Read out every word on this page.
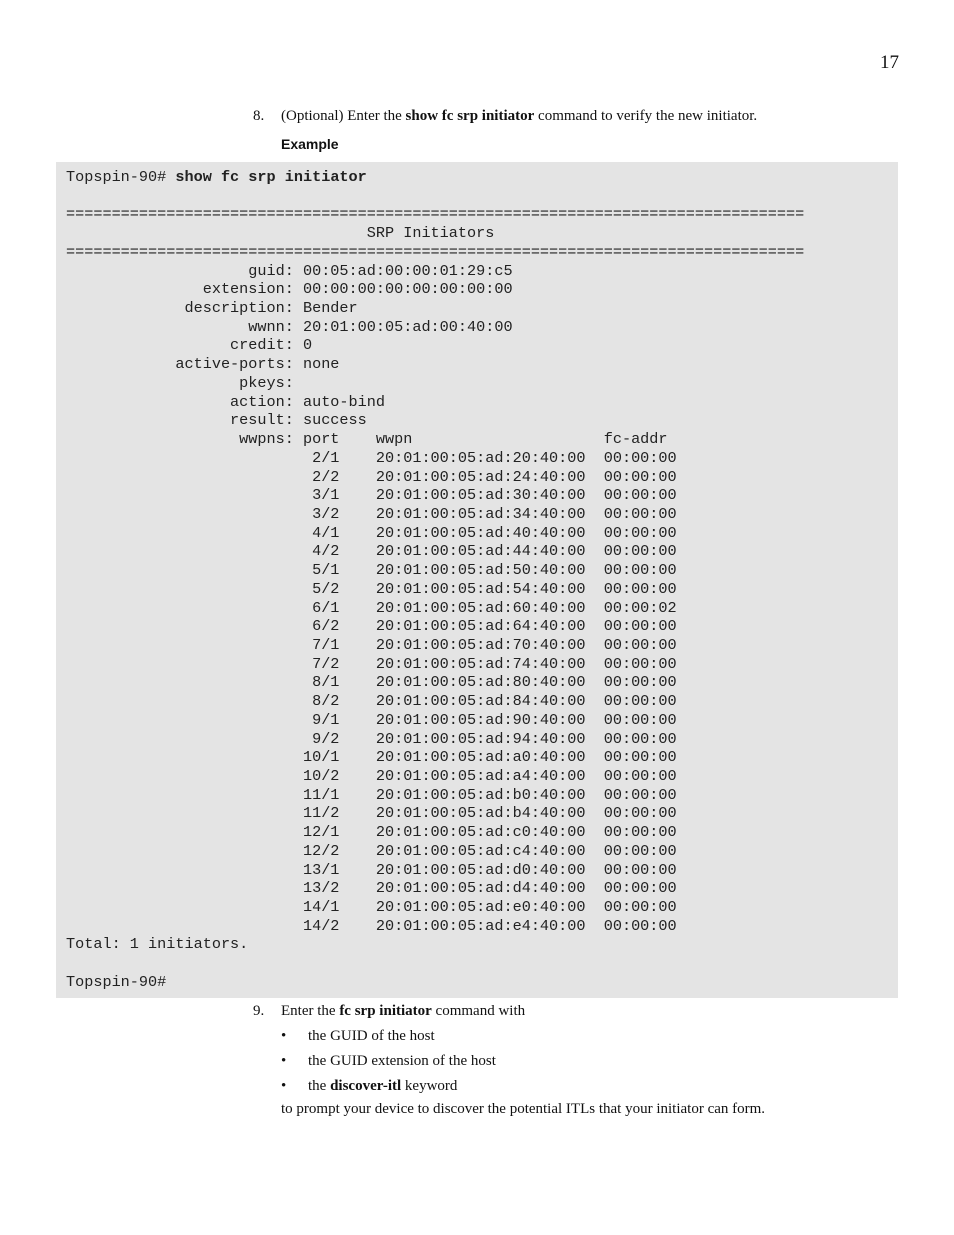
17
8. (Optional) Enter the show fc srp initiator command to verify the new initiator.
Example
Topspin-90# show fc srp initiator

=================================================================================
SRP Initiators
=================================================================================
guid: 00:05:ad:00:00:01:29:c5
extension: 00:00:00:00:00:00:00:00
description: Bender
wwnn: 20:01:00:05:ad:00:40:00
credit: 0
active-ports: none
pkeys:
action: auto-bind
result: success
wwpns: port    wwpn                     fc-addr
2/1    20:01:00:05:ad:20:40:00  00:00:00
2/2    20:01:00:05:ad:24:40:00  00:00:00
3/1    20:01:00:05:ad:30:40:00  00:00:00
3/2    20:01:00:05:ad:34:40:00  00:00:00
4/1    20:01:00:05:ad:40:40:00  00:00:00
4/2    20:01:00:05:ad:44:40:00  00:00:00
5/1    20:01:00:05:ad:50:40:00  00:00:00
5/2    20:01:00:05:ad:54:40:00  00:00:00
6/1    20:01:00:05:ad:60:40:00  00:00:02
6/2    20:01:00:05:ad:64:40:00  00:00:00
7/1    20:01:00:05:ad:70:40:00  00:00:00
7/2    20:01:00:05:ad:74:40:00  00:00:00
8/1    20:01:00:05:ad:80:40:00  00:00:00
8/2    20:01:00:05:ad:84:40:00  00:00:00
9/1    20:01:00:05:ad:90:40:00  00:00:00
9/2    20:01:00:05:ad:94:40:00  00:00:00
10/1    20:01:00:05:ad:a0:40:00  00:00:00
10/2    20:01:00:05:ad:a4:40:00  00:00:00
11/1    20:01:00:05:ad:b0:40:00  00:00:00
11/2    20:01:00:05:ad:b4:40:00  00:00:00
12/1    20:01:00:05:ad:c0:40:00  00:00:00
12/2    20:01:00:05:ad:c4:40:00  00:00:00
13/1    20:01:00:05:ad:d0:40:00  00:00:00
13/2    20:01:00:05:ad:d4:40:00  00:00:00
14/1    20:01:00:05:ad:e0:40:00  00:00:00
14/2    20:01:00:05:ad:e4:40:00  00:00:00
Total: 1 initiators.

Topspin-90#
9. Enter the fc srp initiator command with
• the GUID of the host
• the GUID extension of the host
• the discover-itl keyword
to prompt your device to discover the potential ITLs that your initiator can form.
